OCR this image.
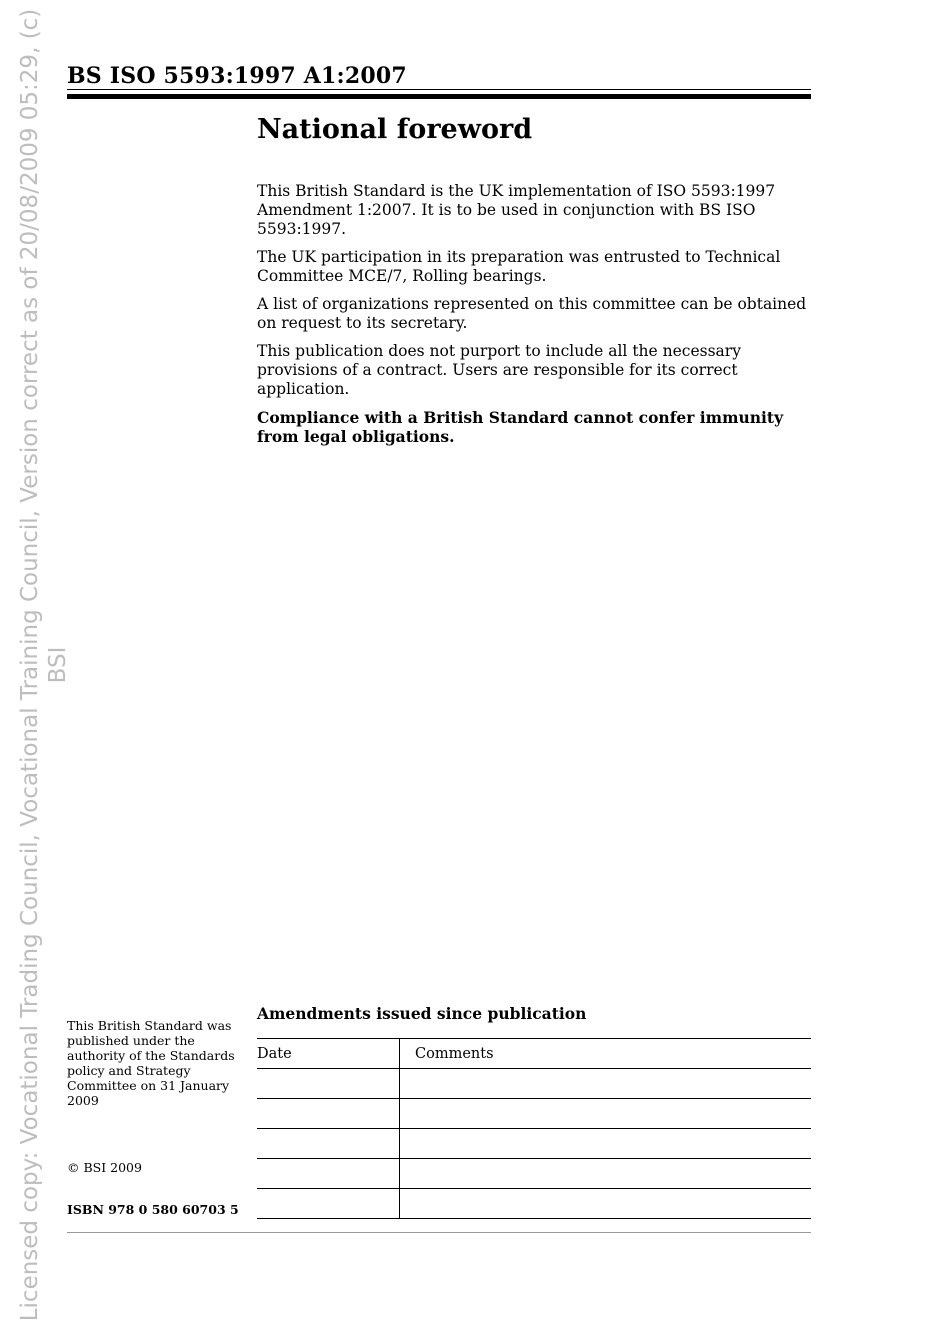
Licensed copy: Vocational Trading Council, Vocational Training Council, Version correct as of 20/08/2009 05:29, (c) BSI
BS ISO 5593:1997 A1:2007
National foreword

This British Standard is the UK implementation of ISO 5593:1997 Amendment 1:2007. It is to be used in conjunction with BS ISO 5593:1997.

The UK participation in its preparation was entrusted to Technical Committee MCE/7, Rolling bearings.

A list of organizations represented on this committee can be obtained on request to its secretary.

This publication does not purport to include all the necessary provisions of a contract. Users are responsible for its correct application.

Compliance with a British Standard cannot confer immunity from legal obligations.

This British Standard was published under the authority of the Standards policy and Strategy Committee on 31 January 2009
© BSI 2009
ISBN 978 0 580 60703 5
Amendments issued since publication
Date	Comments
